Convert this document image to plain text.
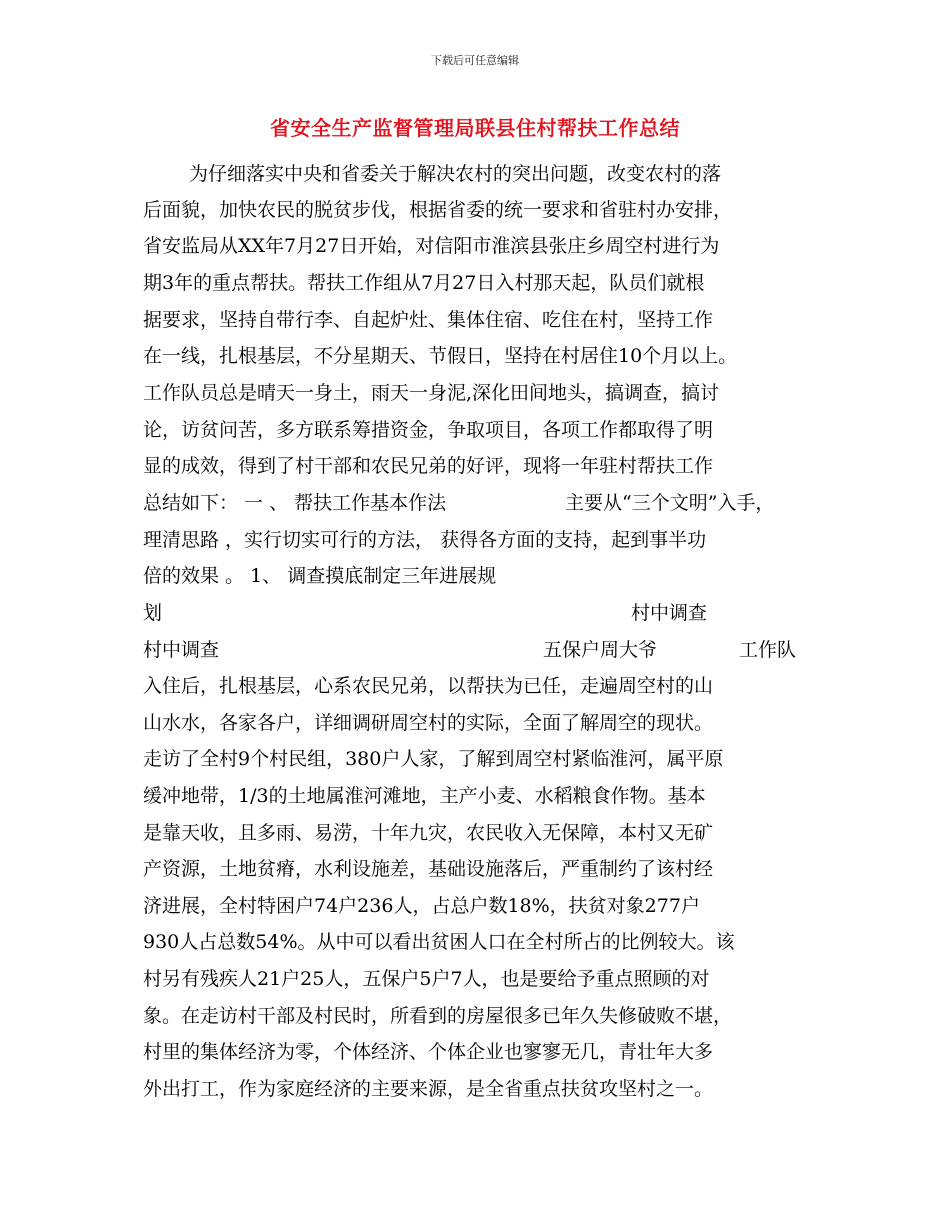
下载后可任意编辑
省安全生产监督管理局联县住村帮扶工作总结
为仔细落实中央和省委关于解决农村的突出问题，改变农村的落
后面貌，加快农民的脱贫步伐，根据省委的统一要求和省驻村办安排，
省安监局从XX年7月27日开始，对信阳市淮滨县张庄乡周空村进行为
期3年的重点帮扶。帮扶工作组从7月27日入村那天起，队员们就根
据要求，坚持自带行李、自起炉灶、集体住宿、吃住在村，坚持工作
在一线，扎根基层，不分星期天、节假日，坚持在村居住10个月以上。
工作队员总是晴天一身土，雨天一身泥,深化田间地头，搞调查，搞讨
论，访贫问苦，多方联系筹措资金，争取项目，各项工作都取得了明
显的成效，得到了村干部和农民兄弟的好评，现将一年驻村帮扶工作
总结如下： 一 、 帮扶工作基本作法	主要从“三个文明”入手，
理清思路 ，实行切实可行的方法， 获得各方面的支持，起到事半功
倍的效果 。 1、 调查摸底制定三年进展规
划	村中调查
村中调查	五保户周大爷	工作队
入住后，扎根基层，心系农民兄弟，以帮扶为已任，走遍周空村的山
山水水，各家各户，详细调研周空村的实际，全面了解周空的现状。
走访了全村9个村民组，380户人家，了解到周空村紧临淮河，属平原
缓冲地带，1/3的土地属淮河滩地，主产小麦、水稻粮食作物。基本
是靠天收，且多雨、易涝，十年九灾，农民收入无保障，本村又无矿
产资源，土地贫瘠，水利设施差，基础设施落后，严重制约了该村经
济进展，全村特困户74户236人，占总户数18%，扶贫对象277户
930人占总数54%。从中可以看出贫困人口在全村所占的比例较大。该
村另有残疾人21户25人，五保户5户7人，也是要给予重点照顾的对
象。在走访村干部及村民时，所看到的房屋很多已年久失修破败不堪，
村里的集体经济为零，个体经济、个体企业也寥寥无几，青壮年大多
外出打工，作为家庭经济的主要来源，是全省重点扶贫攻坚村之一。
